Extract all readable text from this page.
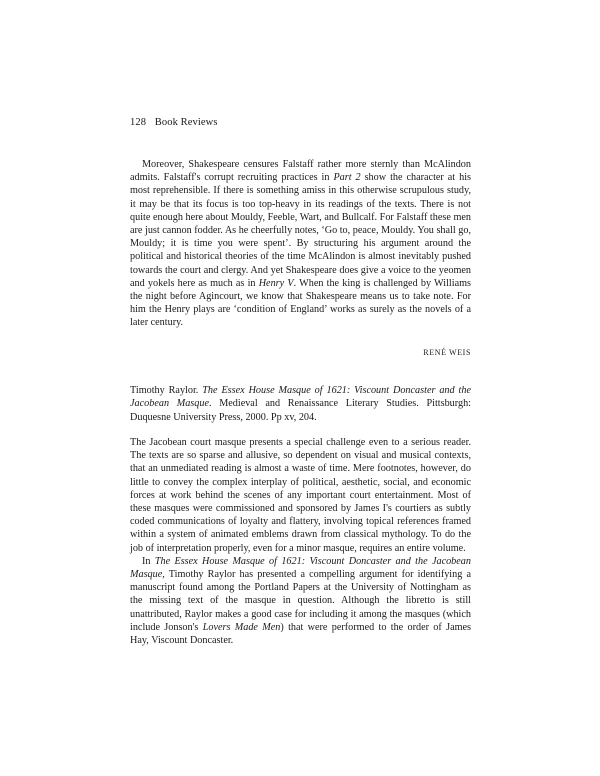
128 Book Reviews

Moreover, Shakespeare censures Falstaff rather more sternly than McAlindon admits. Falstaff's corrupt recruiting practices in Part 2 show the character at his most reprehensible. If there is something amiss in this otherwise scrupulous study, it may be that its focus is too top-heavy in its readings of the texts. There is not quite enough here about Mouldy, Feeble, Wart, and Bullcalf. For Falstaff these men are just cannon fodder. As he cheerfully notes, ‘Go to, peace, Mouldy. You shall go, Mouldy; it is time you were spent’. By structuring his argument around the political and historical theories of the time McAlindon is almost inevitably pushed towards the court and clergy. And yet Shakespeare does give a voice to the yeomen and yokels here as much as in Henry V. When the king is challenged by Williams the night before Agincourt, we know that Shakespeare means us to take note. For him the Henry plays are ‘condition of England’ works as surely as the novels of a later century.

RENÉ WEIS
Timothy Raylor. The Essex House Masque of 1621: Viscount Doncaster and the Jacobean Masque. Medieval and Renaissance Literary Studies. Pittsburgh: Duquesne University Press, 2000. Pp xv, 204.

The Jacobean court masque presents a special challenge even to a serious reader. The texts are so sparse and allusive, so dependent on visual and musical contexts, that an unmediated reading is almost a waste of time. Mere footnotes, however, do little to convey the complex interplay of political, aesthetic, social, and economic forces at work behind the scenes of any important court entertainment. Most of these masques were commissioned and sponsored by James I's courtiers as subtly coded communications of loyalty and flattery, involving topical references framed within a system of animated emblems drawn from classical mythology. To do the job of interpretation properly, even for a minor masque, requires an entire volume.

In The Essex House Masque of 1621: Viscount Doncaster and the Jacobean Masque, Timothy Raylor has presented a compelling argument for identifying a manuscript found among the Portland Papers at the University of Nottingham as the missing text of the masque in question. Although the libretto is still unattributed, Raylor makes a good case for including it among the masques (which include Jonson's Lovers Made Men) that were performed to the order of James Hay, Viscount Doncaster.
